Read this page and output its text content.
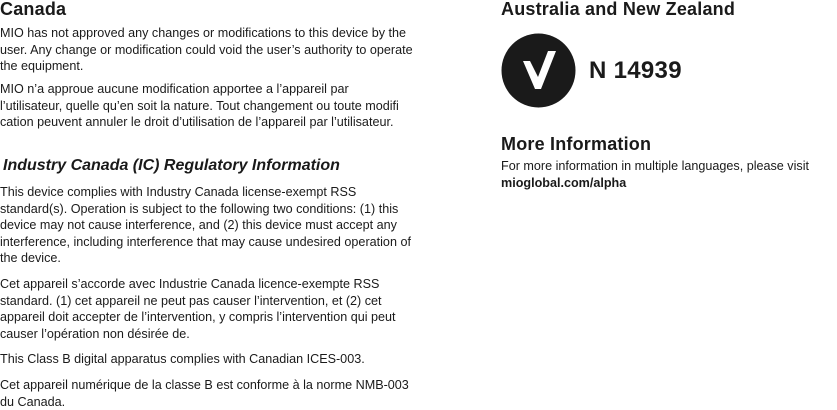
Canada

MIO has not approved any changes or modifications to this device by the user. Any change or modification could void the user’s authority to operate the equipment.

MIO n’a approue aucune modification apportee a l’appareil par l’utilisateur, quelle qu’en soit la nature. Tout changement ou toute modifi cation peuvent annuler le droit d’utilisation de l’appareil par l’utilisateur.

Industry Canada (IC) Regulatory Information

This device complies with Industry Canada license-exempt RSS standard(s). Operation is subject to the following two conditions: (1) this device may not cause interference, and (2) this device must accept any interference, including interference that may cause undesired operation of the device.

Cet appareil s’accorde avec Industrie Canada licence-exempte RSS standard. (1) cet appareil ne peut pas causer l’intervention, et (2) cet appareil doit accepter de l’intervention, y compris l’intervention qui peut causer l’opération non désirée de.

This Class B digital apparatus complies with Canadian ICES-003.

Cet appareil numérique de la classe B est conforme à la norme NMB-003 du Canada.

Australia and New Zealand
N 14939
More Information

For more information in multiple languages, please visit mioglobal.com/alpha
